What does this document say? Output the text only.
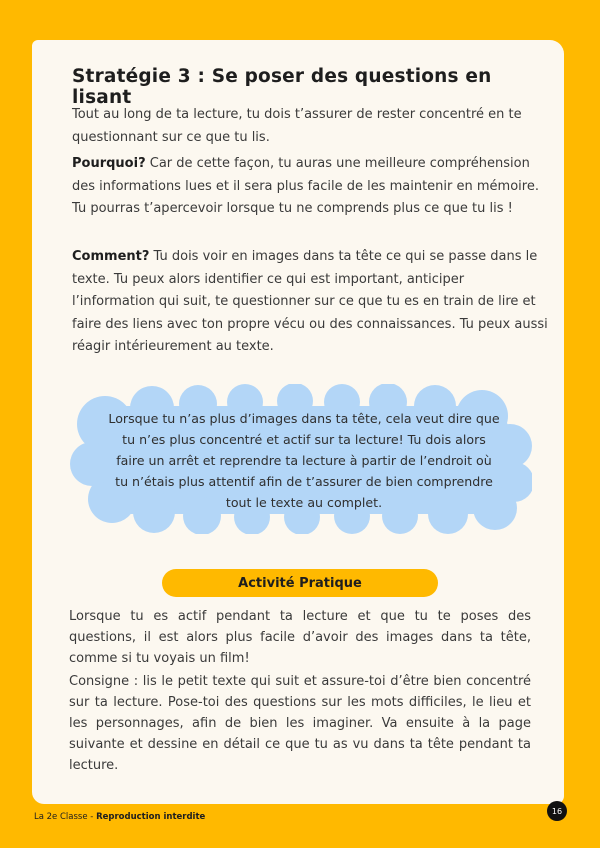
Stratégie 3 : Se poser des questions en lisant

Tout au long de ta lecture, tu dois t’assurer de rester concentré en te questionnant sur ce que tu lis.

Pourquoi? Car de cette façon, tu auras une meilleure compréhension des informations lues et il sera plus facile de les maintenir en mémoire. Tu pourras t’apercevoir lorsque tu ne comprends plus ce que tu lis !

Comment? Tu dois voir en images dans ta tête ce qui se passe dans le texte. Tu peux alors identifier ce qui est important, anticiper l’information qui suit, te questionner sur ce que tu es en train de lire et faire des liens avec ton propre vécu ou des connaissances. Tu peux aussi réagir intérieurement au texte.

Lorsque tu n’as plus d’images dans ta tête, cela veut dire que tu n’es plus concentré et actif sur ta lecture! Tu dois alors faire un arrêt et reprendre ta lecture à partir de l’endroit où tu n’étais plus attentif afin de t’assurer de bien comprendre tout le texte au complet.

Activité Pratique

Lorsque tu es actif pendant ta lecture et que tu te poses des questions, il est alors plus facile d’avoir des images dans ta tête, comme si tu voyais un film!

Consigne : lis le petit texte qui suit et assure-toi d’être bien concentré sur ta lecture. Pose-toi des questions sur les mots difficiles, le lieu et les personnages, afin de bien les imaginer. Va ensuite à la page suivante et dessine en détail ce que tu as vu dans ta tête pendant ta lecture.

La 2e Classe - Reproduction interdite
16
